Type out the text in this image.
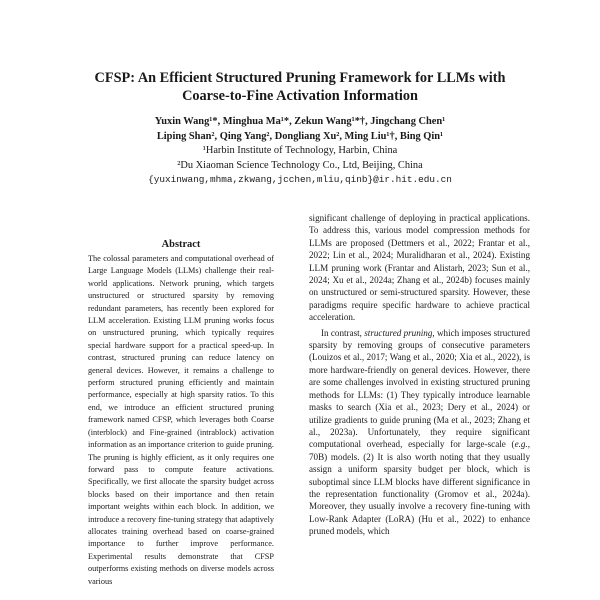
CFSP: An Efficient Structured Pruning Framework for LLMs with
Coarse-to-Fine Activation Information
Yuxin Wang¹*, Minghua Ma¹*, Zekun Wang¹*†, Jingchang Chen¹
Liping Shan², Qing Yang², Dongliang Xu², Ming Liu¹†, Bing Qin¹
¹Harbin Institute of Technology, Harbin, China
²Du Xiaoman Science Technology Co., Ltd, Beijing, China
{yuxinwang,mhma,zkwang,jcchen,mliu,qinb}@ir.hit.edu.cn
Abstract
The colossal parameters and computational overhead of Large Language Models (LLMs) challenge their real-world applications. Network pruning, which targets unstructured or structured sparsity by removing redundant parameters, has recently been explored for LLM acceleration. Existing LLM pruning works focus on unstructured pruning, which typically requires special hardware support for a practical speed-up. In contrast, structured pruning can reduce latency on general devices. However, it remains a challenge to perform structured pruning efficiently and maintain performance, especially at high sparsity ratios. To this end, we introduce an efficient structured pruning framework named CFSP, which leverages both Coarse (interblock) and Fine-grained (intrablock) activation information as an importance criterion to guide pruning. The pruning is highly efficient, as it only requires one forward pass to compute feature activations. Specifically, we first allocate the sparsity budget across blocks based on their importance and then retain important weights within each block. In addition, we introduce a recovery fine-tuning strategy that adaptively allocates training overhead based on coarse-grained importance to further improve performance. Experimental results demonstrate that CFSP outperforms existing methods on diverse models across various

significant challenge of deploying in practical applications. To address this, various model compression methods for LLMs are proposed (Dettmers et al., 2022; Frantar et al., 2022; Lin et al., 2024; Muralidharan et al., 2024). Existing LLM pruning work (Frantar and Alistarh, 2023; Sun et al., 2024; Xu et al., 2024a; Zhang et al., 2024b) focuses mainly on unstructured or semi-structured sparsity. However, these paradigms require specific hardware to achieve practical acceleration.

In contrast, structured pruning, which imposes structured sparsity by removing groups of consecutive parameters (Louizos et al., 2017; Wang et al., 2020; Xia et al., 2022), is more hardware-friendly on general devices. However, there are some challenges involved in existing structured pruning methods for LLMs: (1) They typically introduce learnable masks to search (Xia et al., 2023; Dery et al., 2024) or utilize gradients to guide pruning (Ma et al., 2023; Zhang et al., 2023a). Unfortunately, they require significant computational overhead, especially for large-scale (e.g., 70B) models. (2) It is also worth noting that they usually assign a uniform sparsity budget per block, which is suboptimal since LLM blocks have different significance in the representation functionality (Gromov et al., 2024a). Moreover, they usually involve a recovery fine-tuning with Low-Rank Adapter (LoRA) (Hu et al., 2022) to enhance pruned models, which
